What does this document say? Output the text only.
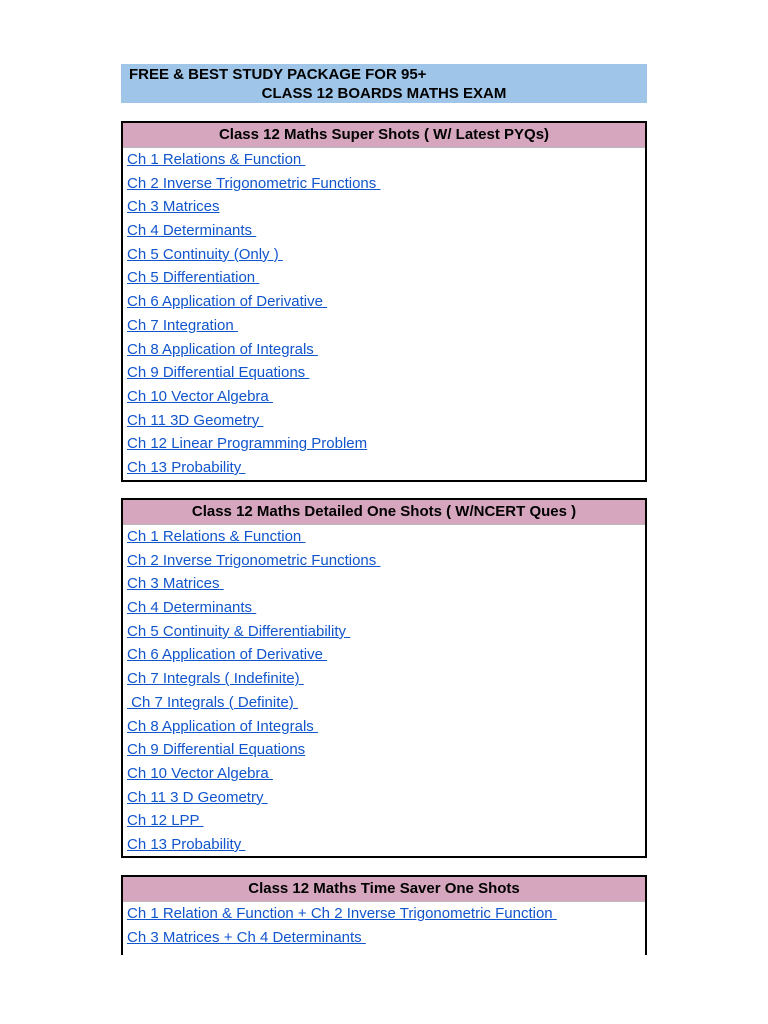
FREE & BEST STUDY PACKAGE FOR 95+
CLASS 12 BOARDS MATHS EXAM
Class 12 Maths Super Shots ( W/ Latest PYQs)
Ch 1 Relations & Function
Ch 2 Inverse Trigonometric Functions
Ch 3 Matrices
Ch 4 Determinants
Ch 5 Continuity (Only )
Ch 5 Differentiation
Ch 6 Application of Derivative
Ch 7 Integration
Ch 8 Application of Integrals
Ch 9 Differential Equations
Ch 10 Vector Algebra
Ch 11 3D Geometry
Ch 12 Linear Programming Problem
Ch 13 Probability
Class 12 Maths Detailed One Shots ( W/NCERT Ques )
Ch 1 Relations & Function
Ch 2 Inverse Trigonometric Functions
Ch 3 Matrices
Ch 4 Determinants
Ch 5 Continuity & Differentiability
Ch 6 Application of Derivative
Ch 7 Integrals ( Indefinite)
Ch 7 Integrals ( Definite)
Ch 8 Application of Integrals
Ch 9 Differential Equations
Ch 10 Vector Algebra
Ch 11 3 D Geometry
Ch 12 LPP
Ch 13 Probability
Class 12 Maths Time Saver One Shots
Ch 1 Relation & Function + Ch 2 Inverse Trigonometric Function
Ch 3 Matrices + Ch 4 Determinants
